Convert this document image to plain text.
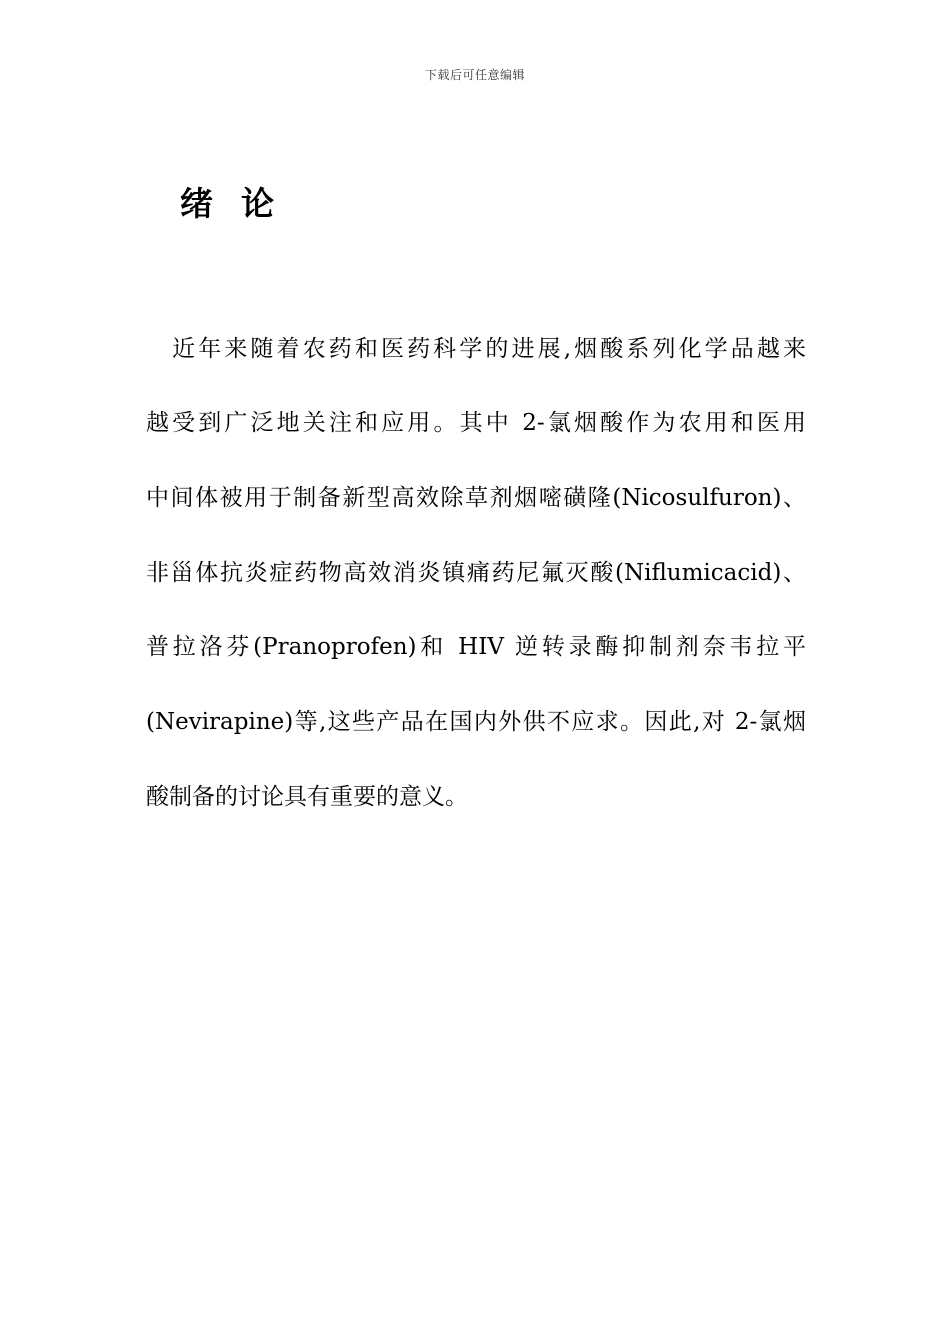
下载后可任意编辑
绪论
　近年来随着农药和医药科学的进展,烟酸系列化学品越来
越受到广泛地关注和应用。其中 2-氯烟酸作为农用和医用
中间体被用于制备新型高效除草剂烟嘧磺隆(Nicosulfuron)、
非甾体抗炎症药物高效消炎镇痛药尼氟灭酸(Niflumicacid)、
普拉洛芬(Pranoprofen)和 HIV 逆转录酶抑制剂奈韦拉平
(Nevirapine)等,这些产品在国内外供不应求。因此,对 2-氯烟
酸制备的讨论具有重要的意义。
